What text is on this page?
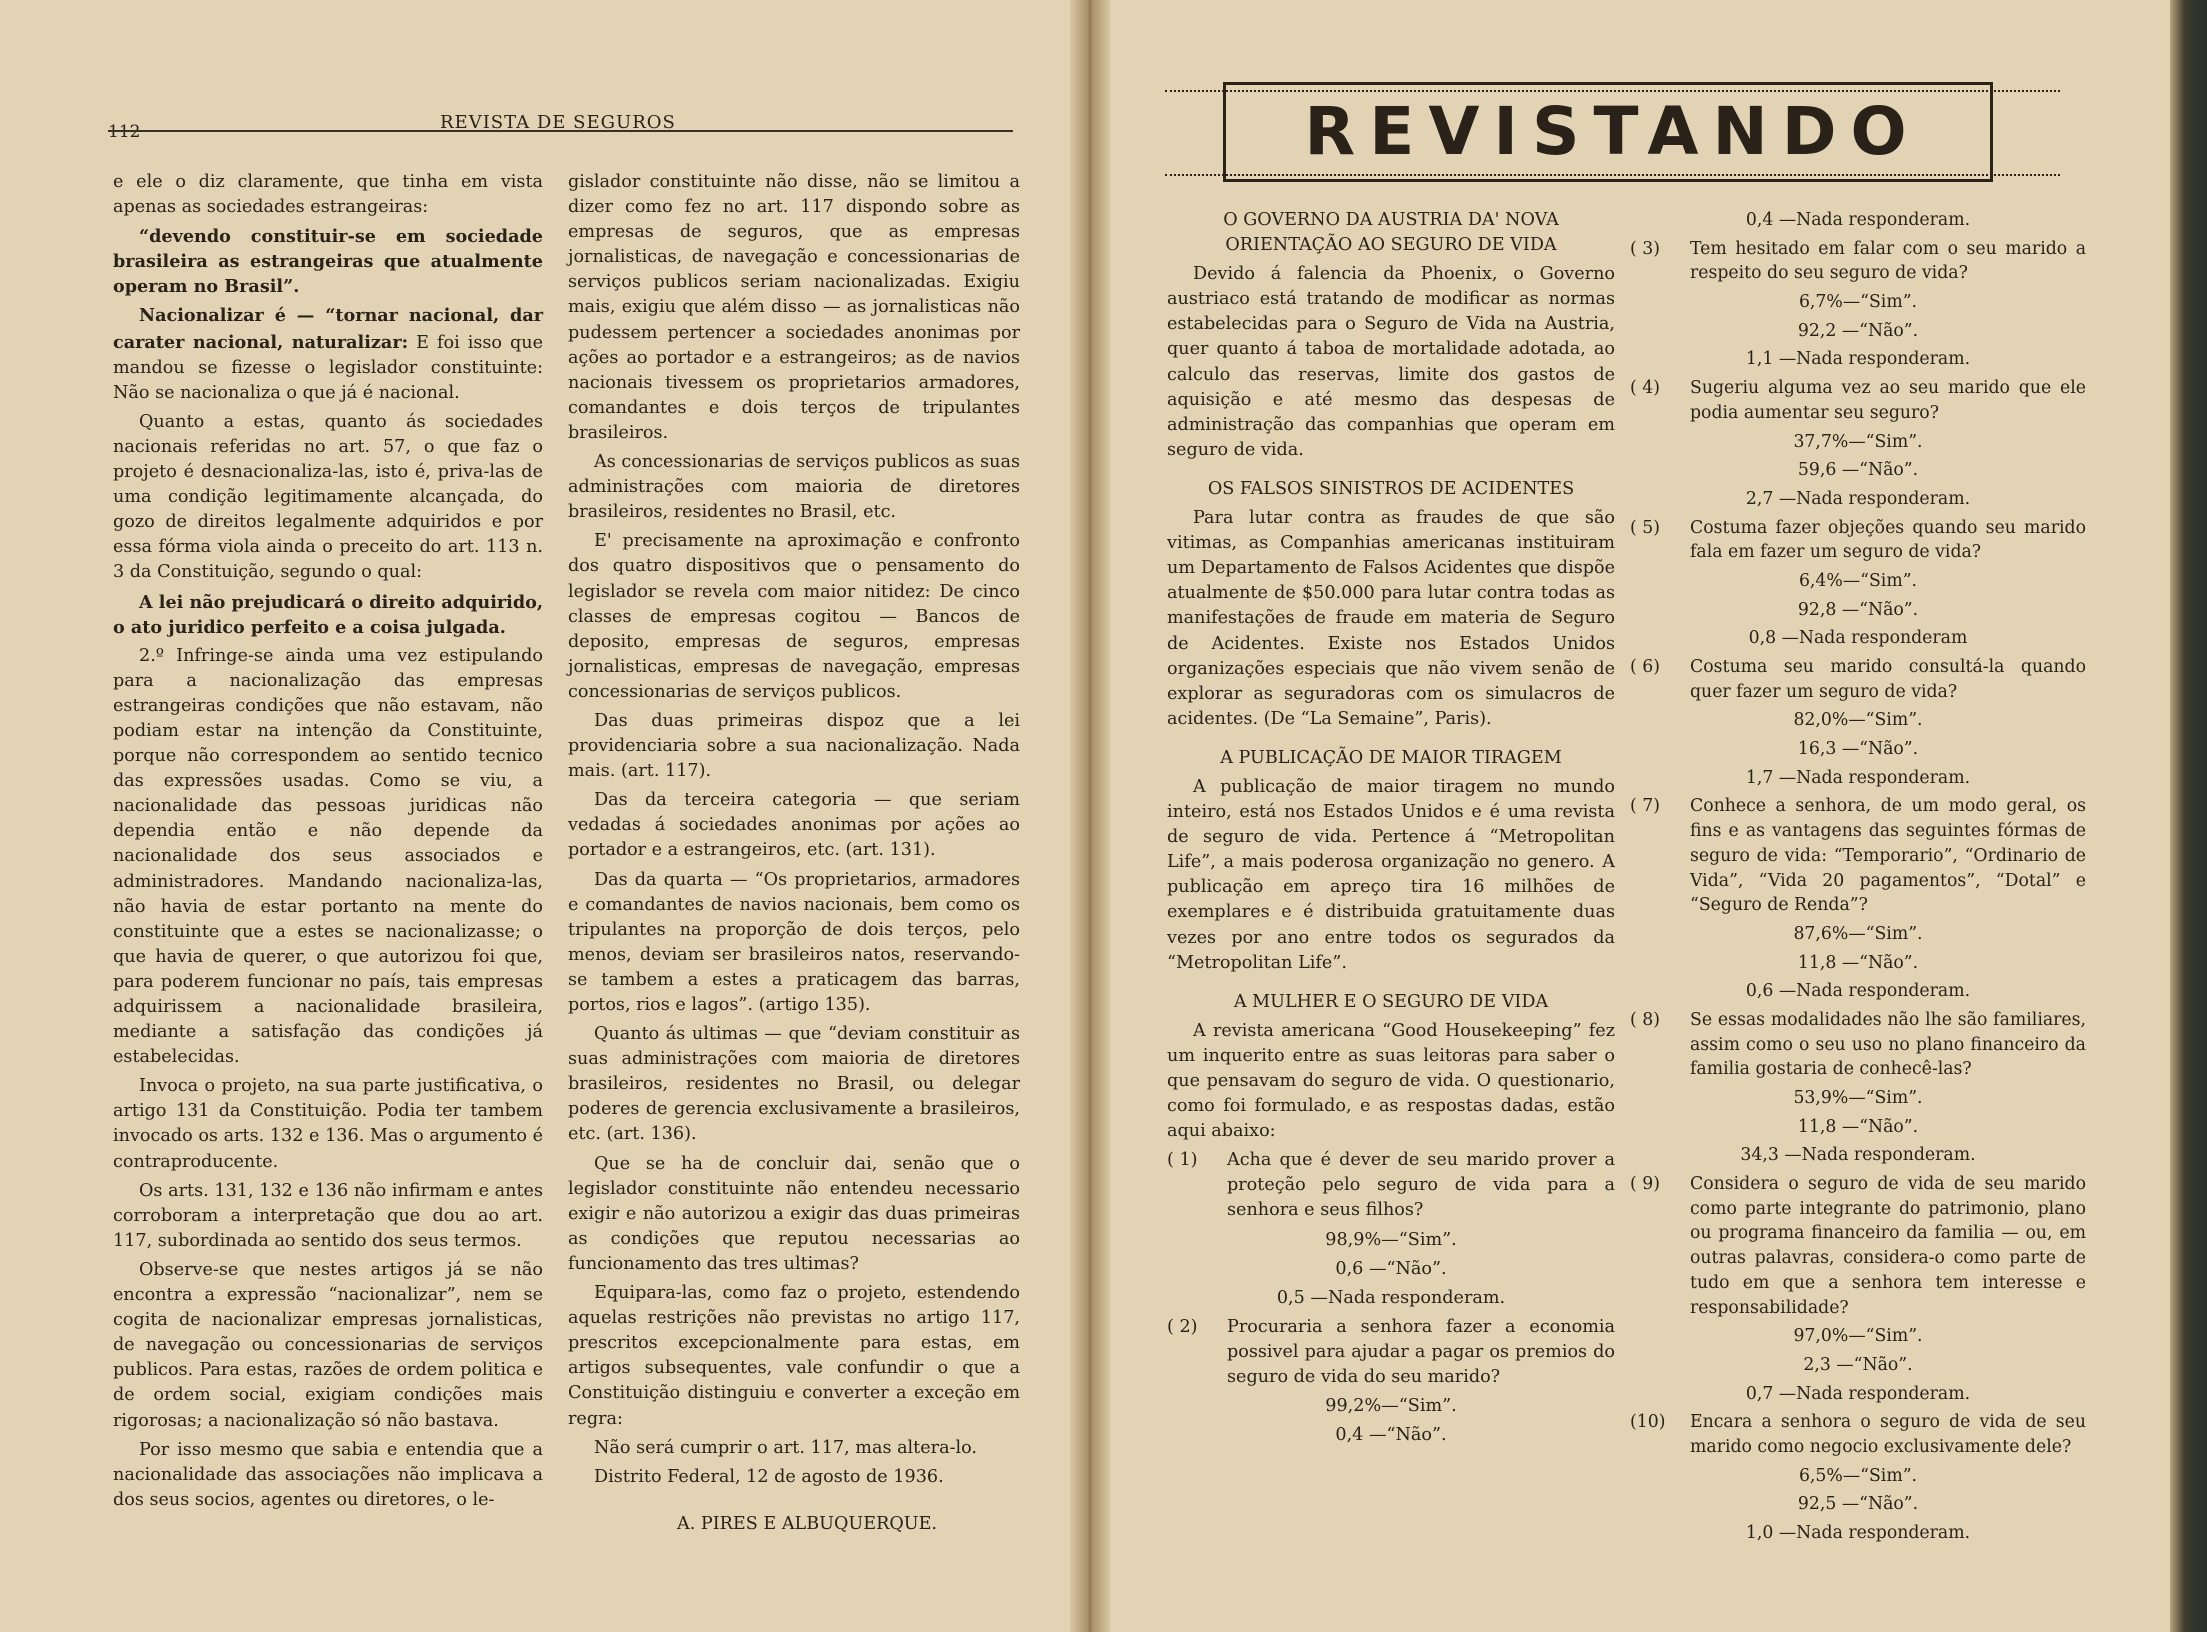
REVISTA DE SEGUROS
112

e ele o diz claramente, que tinha em vista apenas as sociedades estrangeiras:

“devendo constituir-se em sociedade brasileira as estrangeiras que atualmente operam no Brasil”.

Nacionalizar é — “tornar nacional, dar carater nacional, naturalizar: E foi isso que mandou se fizesse o legislador constituinte: Não se nacionaliza o que já é nacional.

Quanto a estas, quanto ás sociedades nacionais referidas no art. 57, o que faz o projeto é desnacionaliza-las, isto é, priva-las de uma condição legitimamente alcançada, do gozo de direitos legalmente adquiridos e por essa fórma viola ainda o preceito do art. 113 n. 3 da Constituição, segundo o qual:

A lei não prejudicará o direito adquirido, o ato juridico perfeito e a coisa julgada.

2.º Infringe-se ainda uma vez estipulando para a nacionalização das empresas estrangeiras condições que não estavam, não podiam estar na intenção da Constituinte, porque não correspondem ao sentido tecnico das expressões usadas. Como se viu, a nacionalidade das pessoas juridicas não dependia então e não depende da nacionalidade dos seus associados e administradores. Mandando nacionaliza-las, não havia de estar portanto na mente do constituinte que a estes se nacionalizasse; o que havia de querer, o que autorizou foi que, para poderem funcionar no país, tais empresas adquirissem a nacionalidade brasileira, mediante a satisfação das condições já estabelecidas.

Invoca o projeto, na sua parte justificativa, o artigo 131 da Constituição. Podia ter tambem invocado os arts. 132 e 136. Mas o argumento é contraproducente.

Os arts. 131, 132 e 136 não infirmam e antes corroboram a interpretação que dou ao art. 117, subordinada ao sentido dos seus termos.

Observe-se que nestes artigos já se não encontra a expressão “nacionalizar”, nem se cogita de nacionalizar empresas jornalisticas, de navegação ou concessionarias de serviços publicos. Para estas, razões de ordem politica e de ordem social, exigiam condições mais rigorosas; a nacionalização só não bastava.

Por isso mesmo que sabia e entendia que a nacionalidade das associações não implicava a dos seus socios, agentes ou diretores, o le-

gislador constituinte não disse, não se limitou a dizer como fez no art. 117 dispondo sobre as empresas de seguros, que as empresas jornalisticas, de navegação e concessionarias de serviços publicos seriam nacionalizadas. Exigiu mais, exigiu que além disso — as jornalisticas não pudessem pertencer a sociedades anonimas por ações ao portador e a estrangeiros; as de navios nacionais tivessem os proprietarios armadores, comandantes e dois terços de tripulantes brasileiros.

As concessionarias de serviços publicos as suas administrações com maioria de diretores brasileiros, residentes no Brasil, etc.

E' precisamente na aproximação e confronto dos quatro dispositivos que o pensamento do legislador se revela com maior nitidez: De cinco classes de empresas cogitou — Bancos de deposito, empresas de seguros, empresas jornalisticas, empresas de navegação, empresas concessionarias de serviços publicos.

Das duas primeiras dispoz que a lei providenciaria sobre a sua nacionalização. Nada mais. (art. 117).

Das da terceira categoria — que seriam vedadas á sociedades anonimas por ações ao portador e a estrangeiros, etc. (art. 131).

Das da quarta — “Os proprietarios, armadores e comandantes de navios nacionais, bem como os tripulantes na proporção de dois terços, pelo menos, deviam ser brasileiros natos, reservando-se tambem a estes a praticagem das barras, portos, rios e lagos”. (artigo 135).

Quanto ás ultimas — que “deviam constituir as suas administrações com maioria de diretores brasileiros, residentes no Brasil, ou delegar poderes de gerencia exclusivamente a brasileiros, etc. (art. 136).

Que se ha de concluir dai, senão que o legislador constituinte não entendeu necessario exigir e não autorizou a exigir das duas primeiras as condições que reputou necessarias ao funcionamento das tres ultimas?

Equipara-las, como faz o projeto, estendendo aquelas restrições não previstas no artigo 117, prescritos excepcionalmente para estas, em artigos subsequentes, vale confundir o que a Constituição distinguiu e converter a exceção em regra:

Não será cumprir o art. 117, mas altera-lo.

Distrito Federal, 12 de agosto de 1936.

A. PIRES E ALBUQUERQUE.

REVISTANDO

O GOVERNO DA AUSTRIA DA' NOVA ORIENTAÇÃO AO SEGURO DE VIDA

Devido á falencia da Phoenix, o Governo austriaco está tratando de modificar as normas estabelecidas para o Seguro de Vida na Austria, quer quanto á taboa de mortalidade adotada, ao calculo das reservas, limite dos gastos de aquisição e até mesmo das despesas de administração das companhias que operam em seguro de vida.

OS FALSOS SINISTROS DE ACIDENTES

Para lutar contra as fraudes de que são vitimas, as Companhias americanas instituiram um Departamento de Falsos Acidentes que dispõe atualmente de $50.000 para lutar contra todas as manifestações de fraude em materia de Seguro de Acidentes. Existe nos Estados Unidos organizações especiais que não vivem senão de explorar as seguradoras com os simulacros de acidentes. (De “La Semaine”, Paris).

A PUBLICAÇÃO DE MAIOR TIRAGEM

A publicação de maior tiragem no mundo inteiro, está nos Estados Unidos e é uma revista de seguro de vida. Pertence á “Metropolitan Life”, a mais poderosa organização no genero. A publicação em apreço tira 16 milhões de exemplares e é distribuida gratuitamente duas vezes por ano entre todos os segurados da “Metropolitan Life”.

A MULHER E O SEGURO DE VIDA

A revista americana “Good Housekeeping” fez um inquerito entre as suas leitoras para saber o que pensavam do seguro de vida. O questionario, como foi formulado, e as respostas dadas, estão aqui abaixo:

( 1) Acha que é dever de seu marido prover a proteção pelo seguro de vida para a senhora e seus filhos?

98,9%—“Sim”.

0,6 —“Não”.

0,5 —Nada responderam.

( 2) Procuraria a senhora fazer a economia possivel para ajudar a pagar os premios do seguro de vida do seu marido?

99,2%—“Sim”.

0,4 —“Não”.

0,4 —Nada responderam.

( 3) Tem hesitado em falar com o seu marido a respeito do seu seguro de vida?

6,7%—“Sim”.

92,2 —“Não”.

1,1 —Nada responderam.

( 4) Sugeriu alguma vez ao seu marido que ele podia aumentar seu seguro?

37,7%—“Sim”.

59,6 —“Não”.

2,7 —Nada responderam.

( 5) Costuma fazer objeções quando seu marido fala em fazer um seguro de vida?

6,4%—“Sim”.

92,8 —“Não”.

0,8 —Nada responderam

( 6) Costuma seu marido consultá-la quando quer fazer um seguro de vida?

82,0%—“Sim”.

16,3 —“Não”.

1,7 —Nada responderam.

( 7) Conhece a senhora, de um modo geral, os fins e as vantagens das seguintes fórmas de seguro de vida: “Temporario”, “Ordinario de Vida”, “Vida 20 pagamentos”, “Dotal” e “Seguro de Renda”?

87,6%—“Sim”.

11,8 —“Não”.

0,6 —Nada responderam.

( 8) Se essas modalidades não lhe são familiares, assim como o seu uso no plano financeiro da familia gostaria de conhecê-las?

53,9%—“Sim”.

11,8 —“Não”.

34,3 —Nada responderam.

( 9) Considera o seguro de vida de seu marido como parte integrante do patrimonio, plano ou programa financeiro da familia — ou, em outras palavras, considera-o como parte de tudo em que a senhora tem interesse e responsabilidade?

97,0%—“Sim”.

2,3 —“Não”.

0,7 —Nada responderam.

(10) Encara a senhora o seguro de vida de seu marido como negocio exclusivamente dele?

6,5%—“Sim”.

92,5 —“Não”.

1,0 —Nada responderam.
